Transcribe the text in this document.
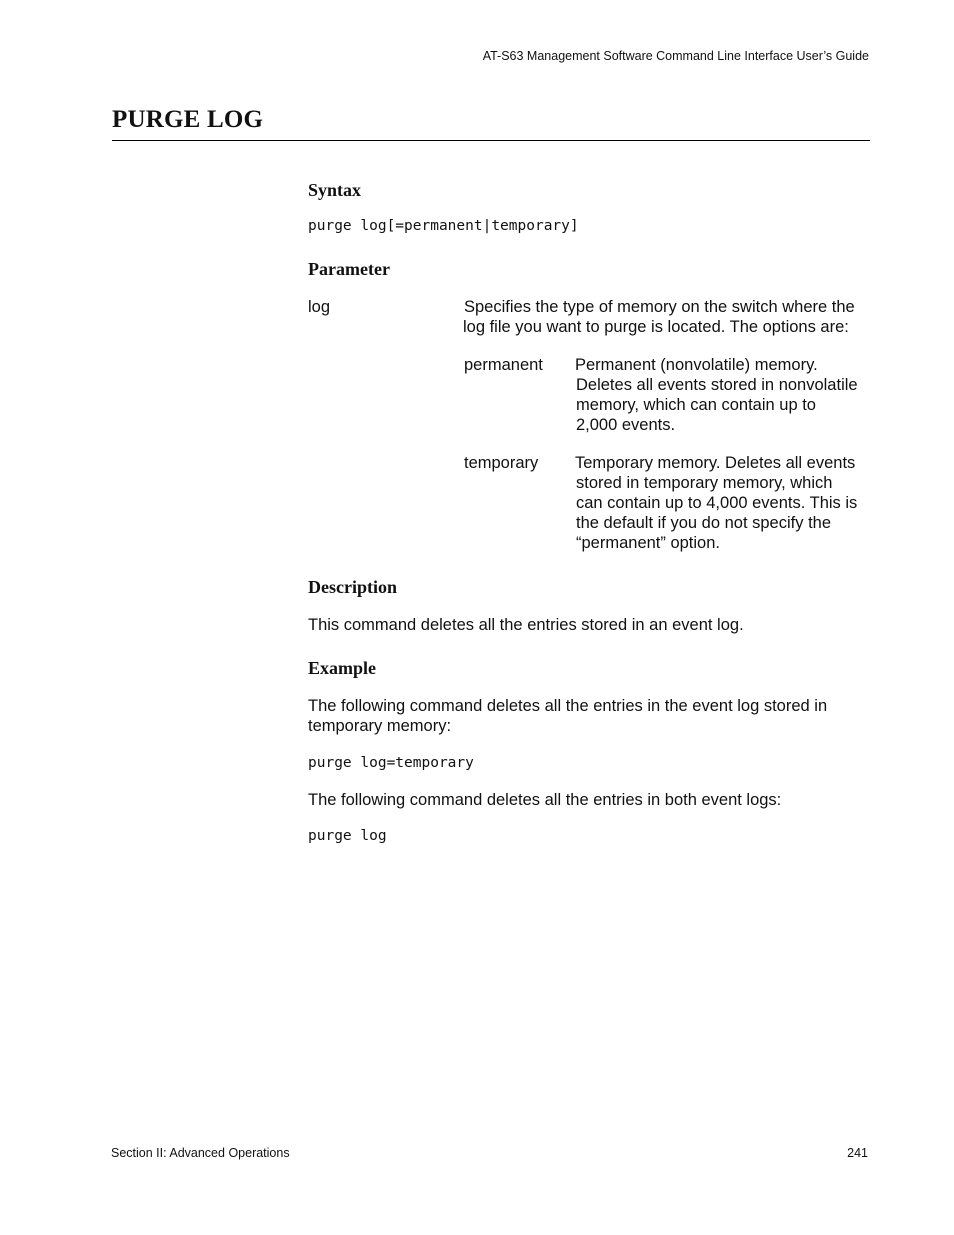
AT-S63 Management Software Command Line Interface User’s Guide
PURGE LOG
Syntax
purge log[=permanent|temporary]
Parameter
log	Specifies the type of memory on the switch where the
log file you want to purge is located. The options are:
permanent Permanent (nonvolatile) memory.
Deletes all events stored in nonvolatile
memory, which can contain up to
2,000 events.
temporary Temporary memory. Deletes all events
stored in temporary memory, which
can contain up to 4,000 events. This is
the default if you do not specify the
“permanent” option.
Description
This command deletes all the entries stored in an event log.
Example
The following command deletes all the entries in the event log stored in
temporary memory:
purge log=temporary
The following command deletes all the entries in both event logs:
purge log
Section II: Advanced Operations	241
